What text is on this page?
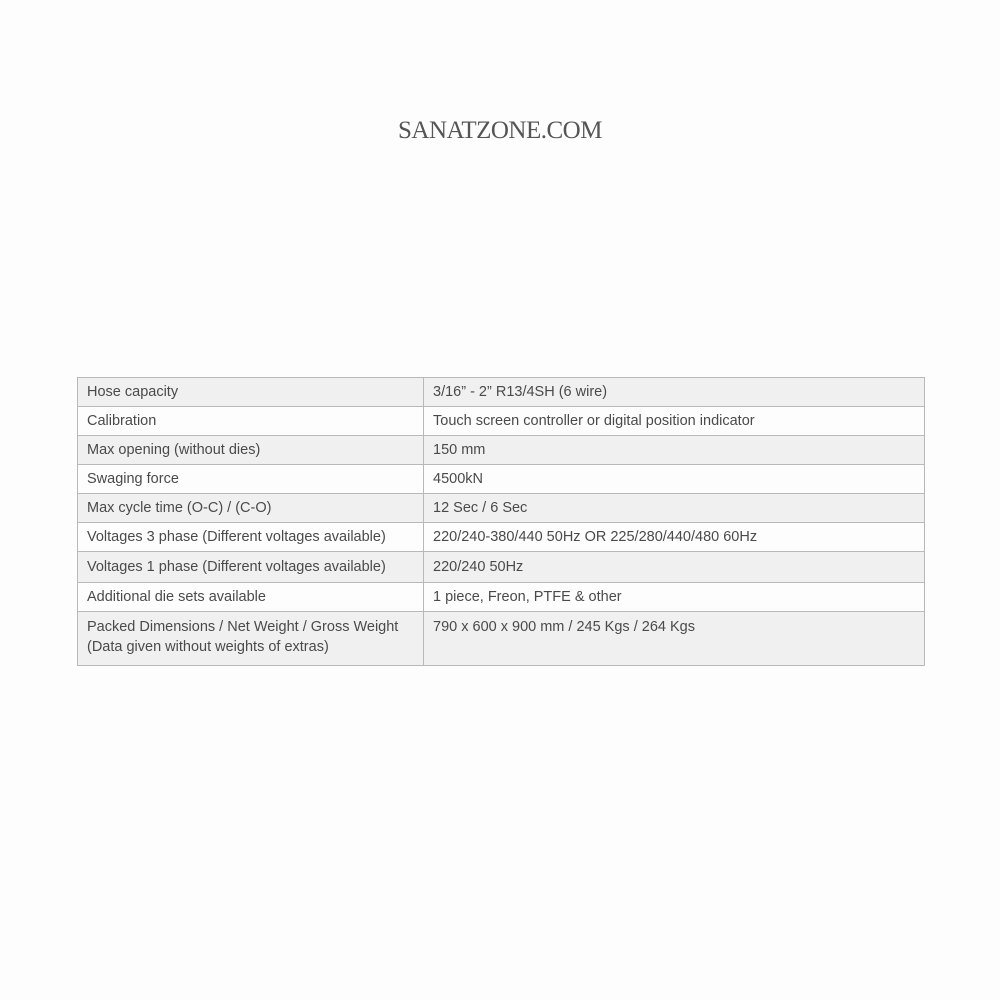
SANATZONE.COM
Hose capacity	3/16” - 2” R13/4SH (6 wire)
Calibration	Touch screen controller or digital position indicator
Max opening (without dies)	150 mm
Swaging force	4500kN
Max cycle time (O-C) / (C-O)	12 Sec / 6 Sec
Voltages 3 phase (Different voltages available)	220/240-380/440 50Hz OR 225/280/440/480 60Hz
Voltages 1 phase (Different voltages available)	220/240 50Hz
Additional die sets available	1 piece, Freon, PTFE & other
Packed Dimensions / Net Weight / Gross Weight (Data given without weights of extras)	790 x 600 x 900 mm / 245 Kgs / 264 Kgs
